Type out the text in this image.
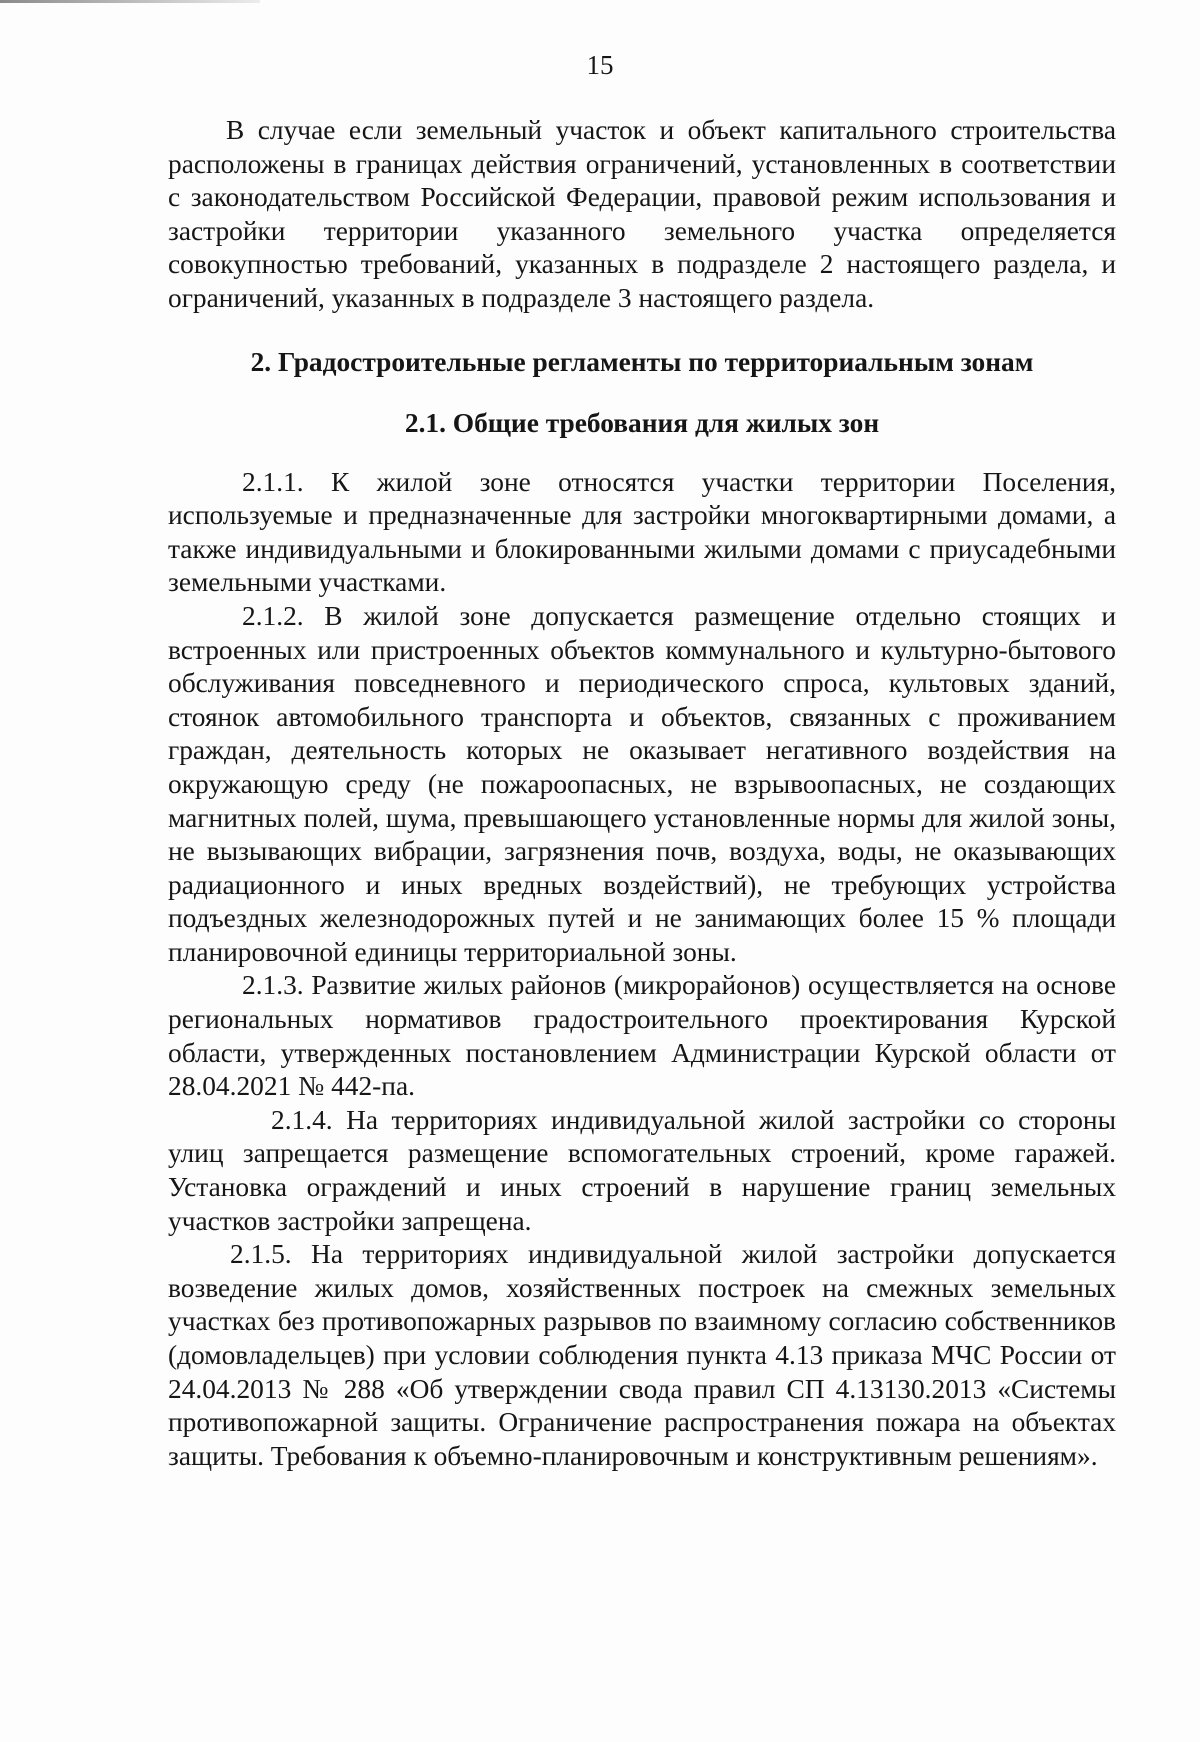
15

В случае если земельный участок и объект капитального строительства расположены в границах действия ограничений, установленных в соответствии с законодательством Российской Федерации, правовой режим использования и застройки территории указанного земельного участка определяется совокупностью требований, указанных в подразделе 2 настоящего раздела, и ограничений, указанных в подразделе 3 настоящего раздела.

2. Градостроительные регламенты по территориальным зонам
2.1. Общие требования для жилых зон

2.1.1. К жилой зоне относятся участки территории Поселения, используемые и предназначенные для застройки многоквартирными домами, а также индивидуальными и блокированными жилыми домами с приусадебными земельными участками.

2.1.2. В жилой зоне допускается размещение отдельно стоящих и встроенных или пристроенных объектов коммунального и культурно-бытового обслуживания повседневного и периодического спроса, культовых зданий, стоянок автомобильного транспорта и объектов, связанных с проживанием граждан, деятельность которых не оказывает негативного воздействия на окружающую среду (не пожароопасных, не взрывоопасных, не создающих магнитных полей, шума, превышающего установленные нормы для жилой зоны, не вызывающих вибрации, загрязнения почв, воздуха, воды, не оказывающих радиационного и иных вредных воздействий), не требующих устройства подъездных железнодорожных путей и не занимающих более 15 % площади планировочной единицы территориальной зоны.

2.1.3. Развитие жилых районов (микрорайонов) осуществляется на основе региональных нормативов градостроительного проектирования Курской области, утвержденных постановлением Администрации Курской области от 28.04.2021 № 442-па.

2.1.4. На территориях индивидуальной жилой застройки со стороны улиц запрещается размещение вспомогательных строений, кроме гаражей. Установка ограждений и иных строений в нарушение границ земельных участков застройки запрещена.

2.1.5. На территориях индивидуальной жилой застройки допускается возведение жилых домов, хозяйственных построек на смежных земельных участках без противопожарных разрывов по взаимному согласию собственников (домовладельцев) при условии соблюдения пункта 4.13 приказа МЧС России от 24.04.2013 № 288 «Об утверждении свода правил СП 4.13130.2013 «Системы противопожарной защиты. Ограничение распространения пожара на объектах защиты. Требования к объемно-планировочным и конструктивным решениям».
